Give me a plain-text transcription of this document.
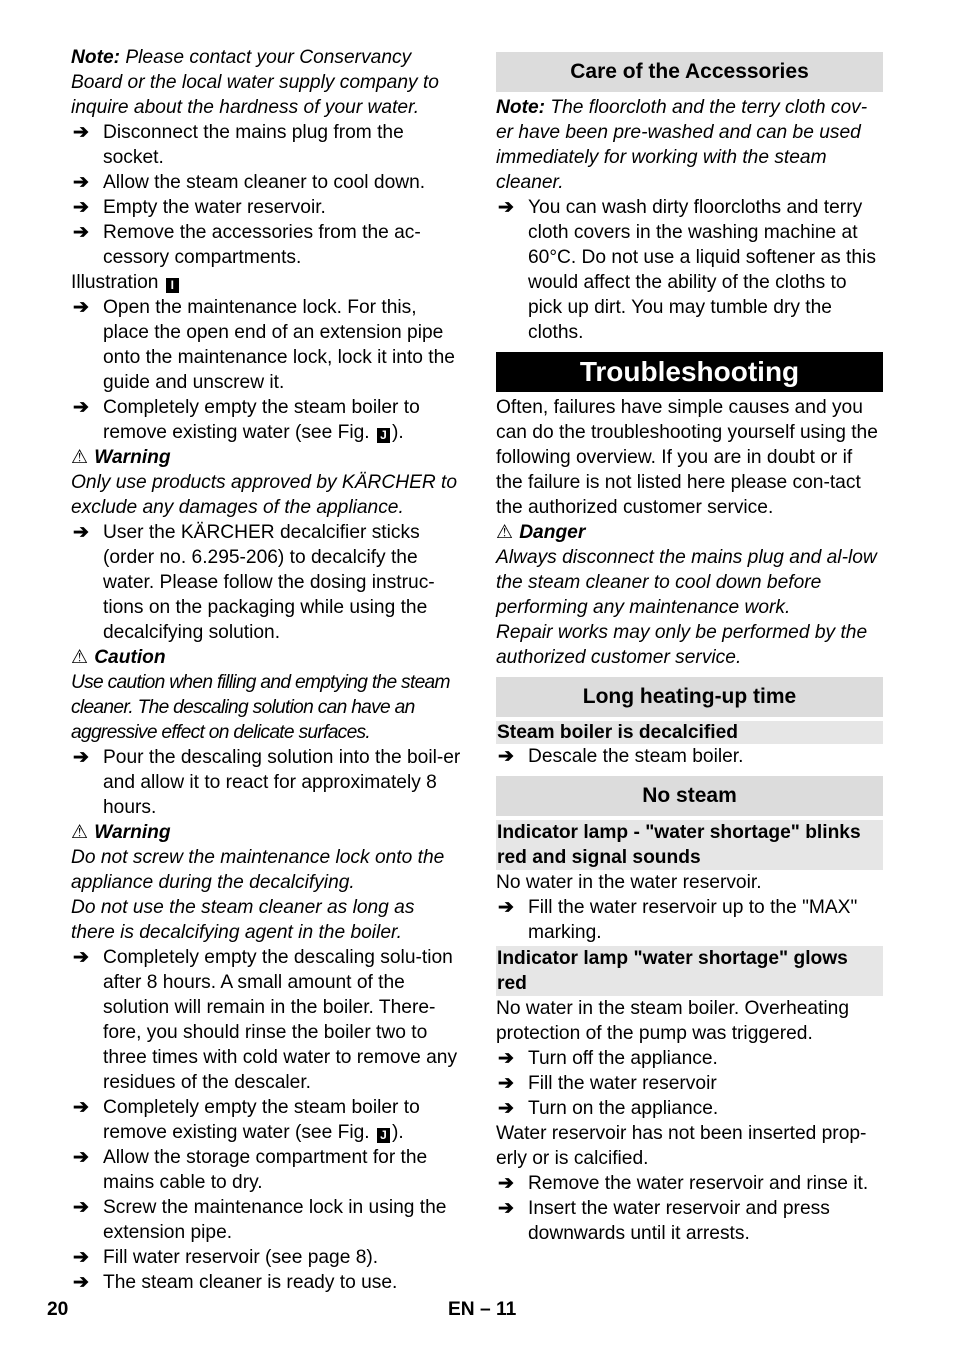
Note: Please contact your Conservancy Board or the local water supply company to inquire about the hardness of your water.
➔ Disconnect the mains plug from the socket.
➔ Allow the steam cleaner to cool down.
➔ Empty the water reservoir.
➔ Remove the accessories from the ac-cessory compartments.
Illustration I
➔ Open the maintenance lock. For this, place the open end of an extension pipe onto the maintenance lock, lock it into the guide and unscrew it.
➔ Completely empty the steam boiler to remove existing water (see Fig. J ).
⚠ Warning
Only use products approved by KÄRCHER to exclude any damages of the appliance.
➔ User the KÄRCHER decalcifier sticks (order no. 6.295-206) to decalcify the water. Please follow the dosing instruc-tions on the packaging while using the decalcifying solution.
⚠ Caution
Use caution when filling and emptying the steam cleaner. The descaling solution can have an aggressive effect on delicate surfaces.
➔ Pour the descaling solution into the boil-er and allow it to react for approximately 8 hours.
⚠ Warning
Do not screw the maintenance lock onto the appliance during the decalcifying.
Do not use the steam cleaner as long as there is decalcifying agent in the boiler.
➔ Completely empty the descaling solu-tion after 8 hours. A small amount of the solution will remain in the boiler. There-fore, you should rinse the boiler two to three times with cold water to remove any residues of the descaler.
➔ Completely empty the steam boiler to remove existing water (see Fig. J ).
➔ Allow the storage compartment for the mains cable to dry.
➔ Screw the maintenance lock in using the extension pipe.
➔ Fill water reservoir (see page 8).
➔ The steam cleaner is ready to use.
Care of the Accessories
Note: The floorcloth and the terry cloth cov-er have been pre-washed and can be used immediately for working with the steam cleaner.
➔ You can wash dirty floorcloths and terry cloth covers in the washing machine at 60°C. Do not use a liquid softener as this would affect the ability of the cloths to pick up dirt. You may tumble dry the cloths.
Troubleshooting
Often, failures have simple causes and you can do the troubleshooting yourself using the following overview. If you are in doubt or if the failure is not listed here please con-tact the authorized customer service.
⚠ Danger
Always disconnect the mains plug and al-low the steam cleaner to cool down before performing any maintenance work.
Repair works may only be performed by the authorized customer service.
Long heating-up time
Steam boiler is decalcified
➔ Descale the steam boiler.
No steam
Indicator lamp - "water shortage" blinks red and signal sounds
No water in the water reservoir.
➔ Fill the water reservoir up to the "MAX" marking.
Indicator lamp "water shortage" glows red
No water in the steam boiler. Overheating protection of the pump was triggered.
➔ Turn off the appliance.
➔ Fill the water reservoir
➔ Turn on the appliance.
Water reservoir has not been inserted prop-erly or is calcified.
➔ Remove the water reservoir and rinse it.
➔ Insert the water reservoir and press downwards until it arrests.
20	EN – 11
